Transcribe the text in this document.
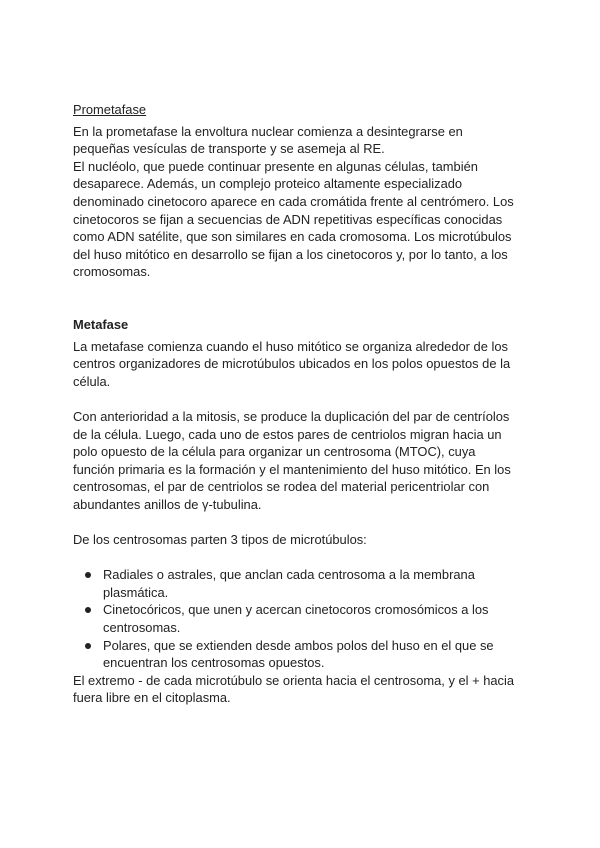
Prometafase

En la prometafase la envoltura nuclear comienza a desintegrarse en

pequeñas vesículas de transporte y se asemeja al RE.

El nucléolo, que puede continuar presente en algunas células, también

desaparece. Además, un complejo proteico altamente especializado

denominado cinetocoro aparece en cada cromátida frente al centrómero. Los

cinetocoros se fijan a secuencias de ADN repetitivas específicas conocidas

como ADN satélite, que son similares en cada cromosoma. Los microtúbulos

del huso mitótico en desarrollo se fijan a los cinetocoros y, por lo tanto, a los

cromosomas.

Metafase

La metafase comienza cuando el huso mitótico se organiza alrededor de los

centros organizadores de microtúbulos ubicados en los polos opuestos de la

célula.

Con anterioridad a la mitosis, se produce la duplicación del par de centríolos

de la célula. Luego, cada uno de estos pares de centriolos migran hacia un

polo opuesto de la célula para organizar un centrosoma (MTOC), cuya

función primaria es la formación y el mantenimiento del huso mitótico. En los

centrosomas, el par de centriolos se rodea del material pericentriolar con

abundantes anillos de γ-tubulina.

De los centrosomas parten 3 tipos de microtúbulos:

Radiales o astrales, que anclan cada centrosoma a la membrana

plasmática.

Cinetocóricos, que unen y acercan cinetocoros cromosómicos a los

centrosomas.

Polares, que se extienden desde ambos polos del huso en el que se

encuentran los centrosomas opuestos.

El extremo - de cada microtúbulo se orienta hacia el centrosoma, y el + hacia

fuera libre en el citoplasma.
